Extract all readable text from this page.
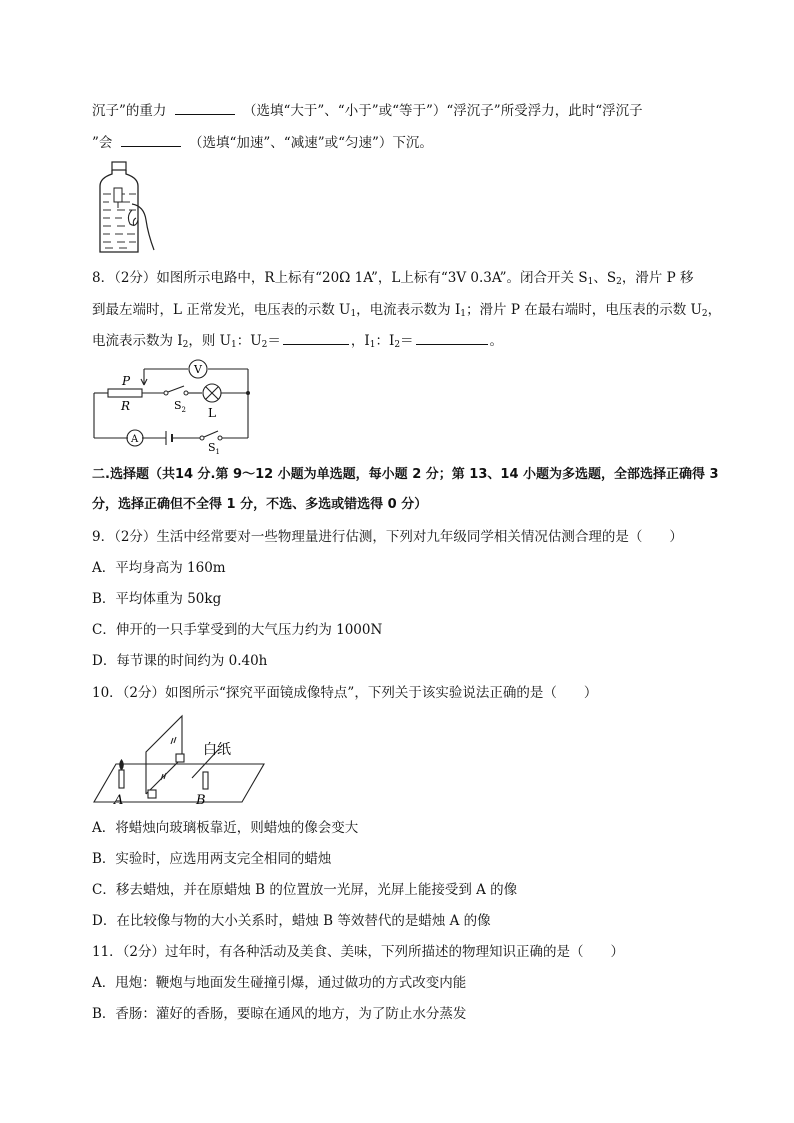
沉子”的重力	（选填“大于”、“小于”或“等于”）“浮沉子”所受浮力，此时“浮沉子
”会	（选填“加速”、“减速”或“匀速”）下沉。
8．（2分）如图所示电路中，R上标有“20Ω 1A”，L上标有“3V 0.3A”。闭合开关 $S_1$、$S_2$，滑片 P 移
到最左端时，L 正常发光，电压表的示数 $U_1$，电流表示数为 $I_1$；滑片 P 在最右端时，电压表的示数 $U_2$，
电流表示数为 $I_2$，则 $U_1$：$U_2=$	，$I_1$：$I_2=$	。
V
A
P
R	$S_2$ L
$S_1$
二.选择题（共14 分.第 9～12 小题为单选题，每小题 2 分；第 13、14 小题为多选题，全部选择正确得 3
分，选择正确但不全得 1 分，不选、多选或错选得 0 分）
9．（2分）生活中经常要对一些物理量进行估测，下列对九年级同学相关情况估测合理的是（　　）
A．平均身高为 160m
B．平均体重为 50kg
C．伸开的一只手掌受到的大气压力约为 1000N
D．每节课的时间约为 0.40h
10．（2分）如图所示“探究平面镜成像特点”，下列关于该实验说法正确的是（　　）
白纸
A	B
A．将蜡烛向玻璃板靠近，则蜡烛的像会变大
B．实验时，应选用两支完全相同的蜡烛
C．移去蜡烛，并在原蜡烛 B 的位置放一光屏，光屏上能接受到 A 的像
D．在比较像与物的大小关系时，蜡烛 B 等效替代的是蜡烛 A 的像
11．（2分）过年时，有各种活动及美食、美味，下列所描述的物理知识正确的是（　　）
A．甩炮：鞭炮与地面发生碰撞引爆，通过做功的方式改变内能
B．香肠：灌好的香肠，要晾在通风的地方，为了防止水分蒸发
